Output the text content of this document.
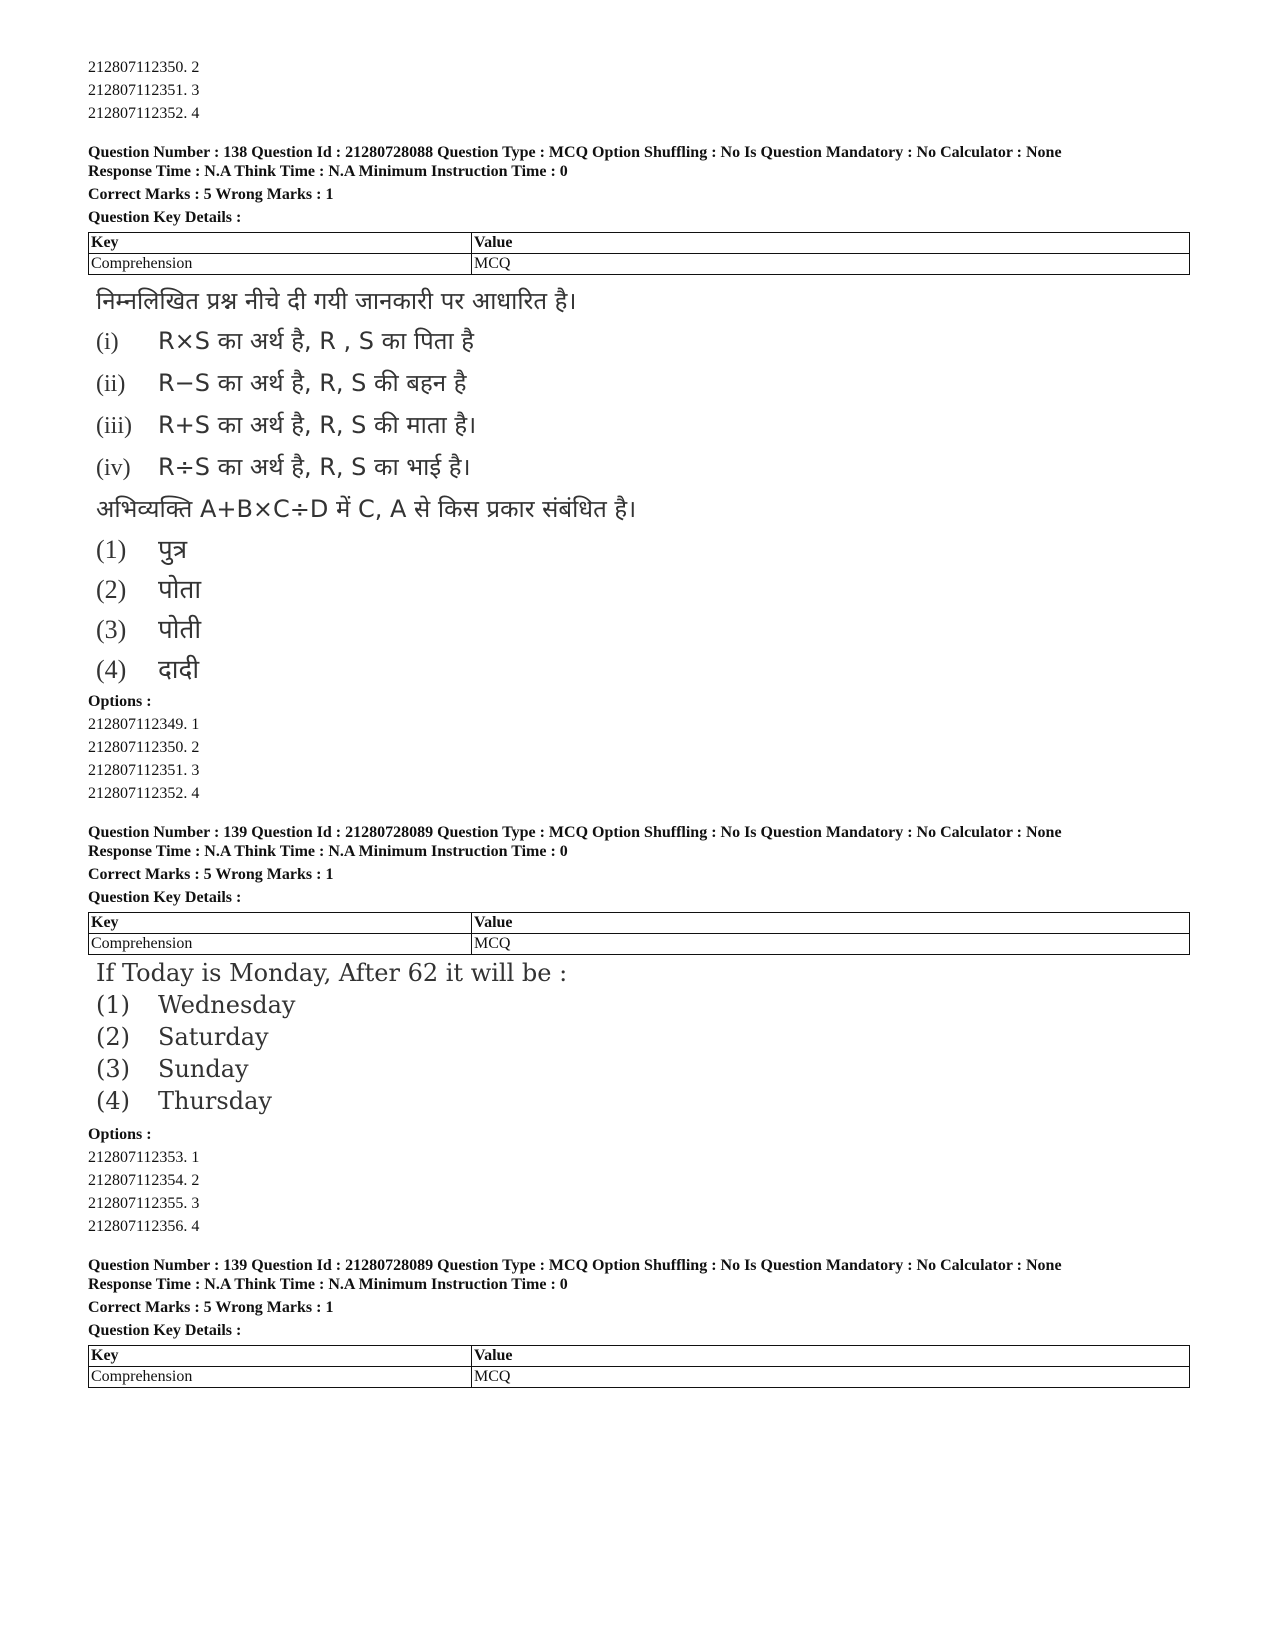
212807112350. 2
212807112351. 3
212807112352. 4
Question Number : 138 Question Id : 21280728088 Question Type : MCQ Option Shuffling : No Is Question Mandatory : No Calculator : None
Response Time : N.A Think Time : N.A Minimum Instruction Time : 0
Correct Marks : 5 Wrong Marks : 1
Question Key Details :
Key	Value
Comprehension	MCQ
निम्नलिखित प्रश्न नीचे दी गयी जानकारी पर आधारित है।
(i) R×S का अर्थ है, R , S का पिता है
(ii) R−S का अर्थ है, R, S की बहन है
(iii) R+S का अर्थ है, R, S की माता है।
(iv) R÷S का अर्थ है, R, S का भाई है।
अभिव्यक्ति A+B×C÷D में C, A से किस प्रकार संबंधित है।
(1) पुत्र
(2) पोता
(3) पोती
(4) दादी
Options :
212807112349. 1
212807112350. 2
212807112351. 3
212807112352. 4
Question Number : 139 Question Id : 21280728089 Question Type : MCQ Option Shuffling : No Is Question Mandatory : No Calculator : None
Response Time : N.A Think Time : N.A Minimum Instruction Time : 0
Correct Marks : 5 Wrong Marks : 1
Question Key Details :
Key	Value
Comprehension	MCQ
If Today is Monday, After 62 it will be :
(1) Wednesday
(2) Saturday
(3) Sunday
(4) Thursday
Options :
212807112353. 1
212807112354. 2
212807112355. 3
212807112356. 4
Question Number : 139 Question Id : 21280728089 Question Type : MCQ Option Shuffling : No Is Question Mandatory : No Calculator : None
Response Time : N.A Think Time : N.A Minimum Instruction Time : 0
Correct Marks : 5 Wrong Marks : 1
Question Key Details :
Key	Value
Comprehension	MCQ
